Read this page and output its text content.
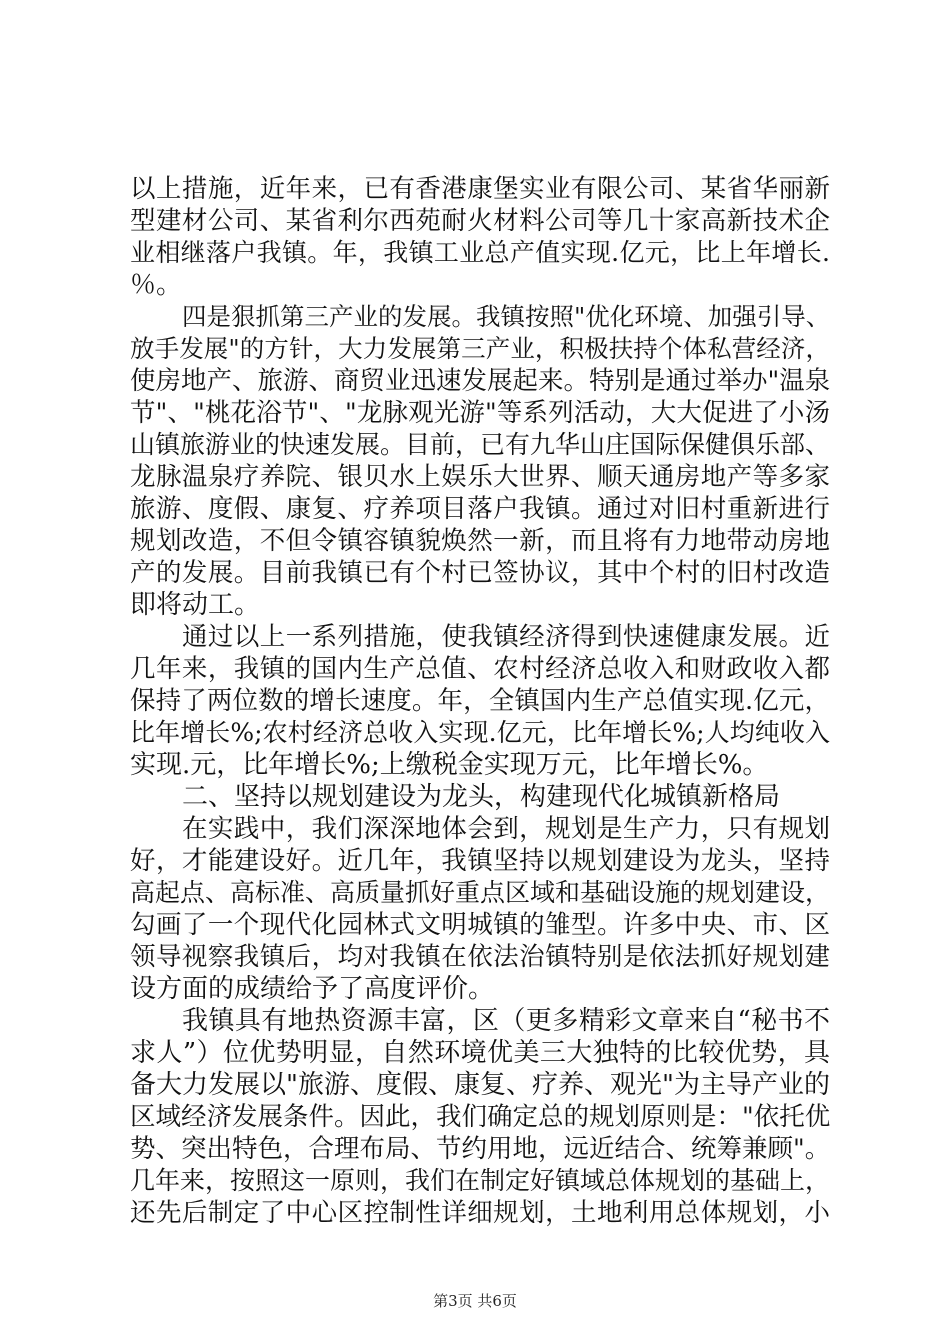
以上措施，近年来，已有香港康堡实业有限公司、某省华丽新
型建材公司、某省利尔西苑耐火材料公司等几十家高新技术企
业相继落户我镇。年，我镇工业总产值实现.亿元，比上年增长.
％。
四是狠抓第三产业的发展。我镇按照"优化环境、加强引导、
放手发展"的方针，大力发展第三产业，积极扶持个体私营经济，
使房地产、旅游、商贸业迅速发展起来。特别是通过举办"温泉
节"、"桃花浴节"、"龙脉观光游"等系列活动，大大促进了小汤
山镇旅游业的快速发展。目前，已有九华山庄国际保健俱乐部、
龙脉温泉疗养院、银贝水上娱乐大世界、顺天通房地产等多家
旅游、度假、康复、疗养项目落户我镇。通过对旧村重新进行
规划改造，不但令镇容镇貌焕然一新，而且将有力地带动房地
产的发展。目前我镇已有个村已签协议，其中个村的旧村改造
即将动工。
通过以上一系列措施，使我镇经济得到快速健康发展。近
几年来，我镇的国内生产总值、农村经济总收入和财政收入都
保持了两位数的增长速度。年，全镇国内生产总值实现.亿元，
比年增长%;农村经济总收入实现.亿元，比年增长%;人均纯收入
实现.元，比年增长%;上缴税金实现万元，比年增长%。
二、坚持以规划建设为龙头，构建现代化城镇新格局
在实践中，我们深深地体会到，规划是生产力，只有规划
好，才能建设好。近几年，我镇坚持以规划建设为龙头，坚持
高起点、高标准、高质量抓好重点区域和基础设施的规划建设，
勾画了一个现代化园林式文明城镇的雏型。许多中央、市、区
领导视察我镇后，均对我镇在依法治镇特别是依法抓好规划建
设方面的成绩给予了高度评价。
我镇具有地热资源丰富，区（更多精彩文章来自“秘书不
求人”）位优势明显，自然环境优美三大独特的比较优势，具
备大力发展以"旅游、度假、康复、疗养、观光"为主导产业的
区域经济发展条件。因此，我们确定总的规划原则是："依托优
势、突出特色，合理布局、节约用地，远近结合、统筹兼顾"。
几年来，按照这一原则，我们在制定好镇域总体规划的基础上，
还先后制定了中心区控制性详细规划，土地利用总体规划，小
第3页 共6页
